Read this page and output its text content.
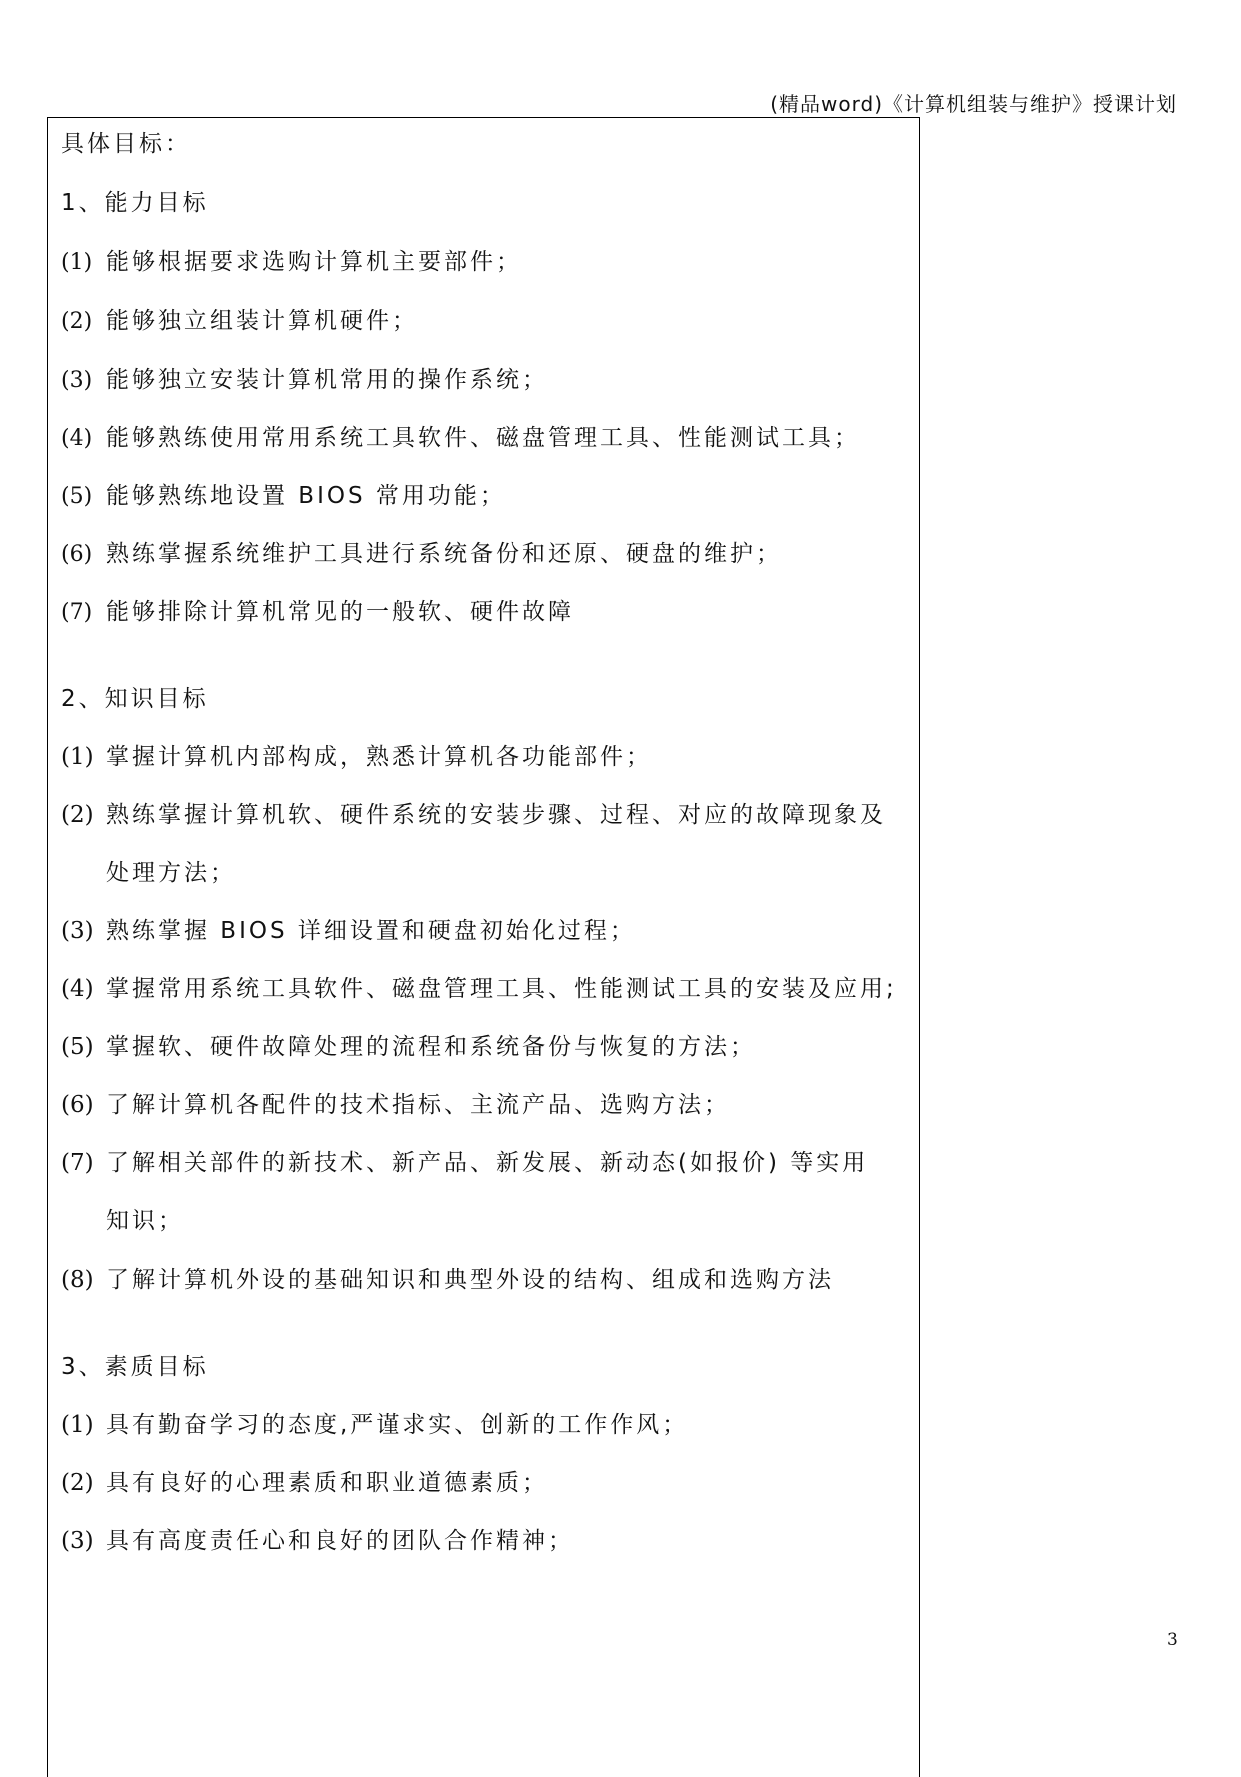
(精品word)《计算机组装与维护》授课计划
3
具体目标：
1、能力目标
(1) 能够根据要求选购计算机主要部件；
(2) 能够独立组装计算机硬件；
(3) 能够独立安装计算机常用的操作系统；
(4) 能够熟练使用常用系统工具软件、磁盘管理工具、性能测试工具；
(5) 能够熟练地设置 BIOS 常用功能；
(6) 熟练掌握系统维护工具进行系统备份和还原、硬盘的维护；
(7) 能够排除计算机常见的一般软、硬件故障
2、知识目标
(1) 掌握计算机内部构成，熟悉计算机各功能部件；
(2) 熟练掌握计算机软、硬件系统的安装步骤、过程、对应的故障现象及
处理方法；
(3) 熟练掌握 BIOS 详细设置和硬盘初始化过程；
(4) 掌握常用系统工具软件、磁盘管理工具、性能测试工具的安装及应用;
(5) 掌握软、硬件故障处理的流程和系统备份与恢复的方法；
(6) 了解计算机各配件的技术指标、主流产品、选购方法；
(7) 了解相关部件的新技术、新产品、新发展、新动态(如报价) 等实用
知识；
(8) 了解计算机外设的基础知识和典型外设的结构、组成和选购方法
3、素质目标
(1) 具有勤奋学习的态度,严谨求实、创新的工作作风；
(2) 具有良好的心理素质和职业道德素质；
(3) 具有高度责任心和良好的团队合作精神；
